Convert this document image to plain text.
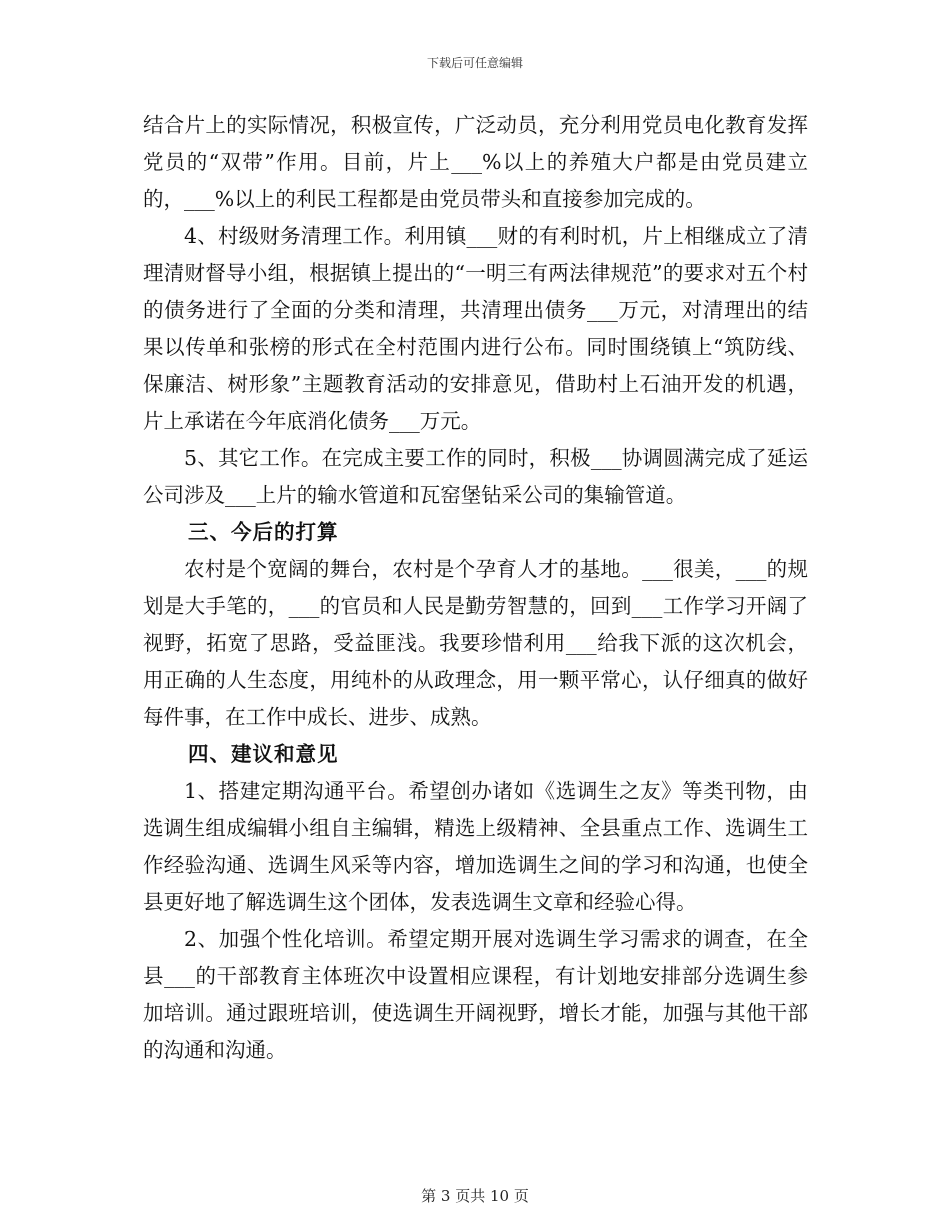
下载后可任意编辑

结合片上的实际情况，积极宣传，广泛动员，充分利用党员电化教育发挥党员的“双带”作用。目前，片上___%以上的养殖大户都是由党员建立的，___%以上的利民工程都是由党员带头和直接参加完成的。

4、村级财务清理工作。利用镇___财的有利时机，片上相继成立了清理清财督导小组，根据镇上提出的“一明三有两法律规范”的要求对五个村的债务进行了全面的分类和清理，共清理出债务___万元，对清理出的结果以传单和张榜的形式在全村范围内进行公布。同时围绕镇上“筑防线、保廉洁、树形象”主题教育活动的安排意见，借助村上石油开发的机遇，片上承诺在今年底消化债务___万元。

5、其它工作。在完成主要工作的同时，积极___协调圆满完成了延运公司涉及___上片的输水管道和瓦窑堡钻采公司的集输管道。

三、今后的打算

农村是个宽阔的舞台，农村是个孕育人才的基地。___很美，___的规划是大手笔的，___的官员和人民是勤劳智慧的，回到___工作学习开阔了视野，拓宽了思路，受益匪浅。我要珍惜利用___给我下派的这次机会，用正确的人生态度，用纯朴的从政理念，用一颗平常心，认仔细真的做好每件事，在工作中成长、进步、成熟。

四、建议和意见

1、搭建定期沟通平台。希望创办诸如《选调生之友》等类刊物，由选调生组成编辑小组自主编辑，精选上级精神、全县重点工作、选调生工作经验沟通、选调生风采等内容，增加选调生之间的学习和沟通，也使全县更好地了解选调生这个团体，发表选调生文章和经验心得。

2、加强个性化培训。希望定期开展对选调生学习需求的调查，在全县___的干部教育主体班次中设置相应课程，有计划地安排部分选调生参加培训。通过跟班培训，使选调生开阔视野，增长才能，加强与其他干部的沟通和沟通。

第 3 页共 10 页
